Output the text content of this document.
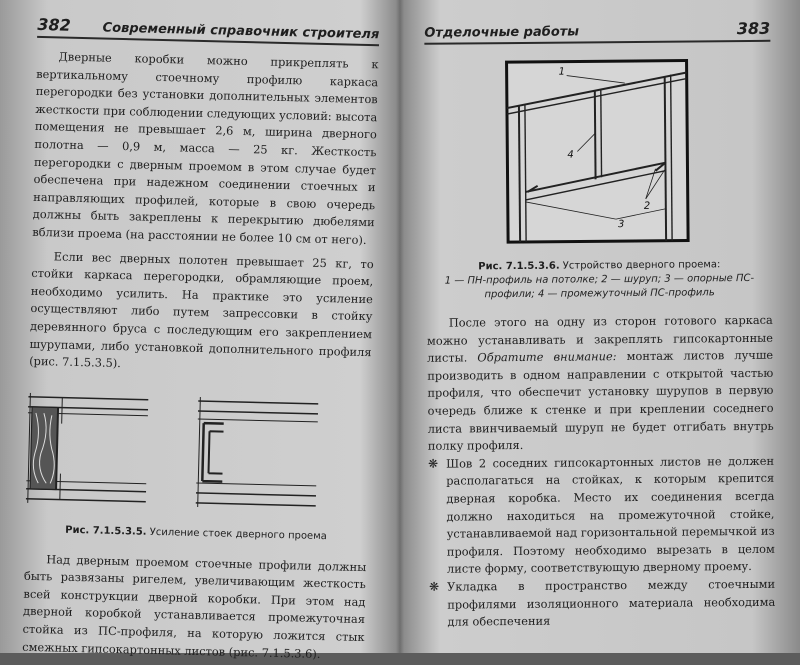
382 Современный справочник строителя

Дверные коробки можно прикреплять к вертикальному стоечному профилю каркаса перегородки без установки дополнительных элементов жесткости при соблюдении следующих условий: высота помещения не превышает 2,6 м, ширина дверного полотна — 0,9 м, масса — 25 кг. Жесткость перегородки с дверным проемом в этом случае будет обеспечена при надежном соединении стоечных и направляющих профилей, которые в свою очередь должны быть закреплены к перекрытию дюбелями вблизи проема (на расстоянии не более 10 см от него).

Если вес дверных полотен превышает 25 кг, то стойки каркаса перегородки, обрамляющие проем, необходимо усилить. На практике это усиление осуществляют либо путем запрессовки в стойку деревянного бруса с последующим его закреплением шурупами, либо установкой дополнительного профиля (рис. 7.1.5.3.5).

Рис. 7.1.5.3.5. Усиление стоек дверного проема

Над дверным проемом стоечные профили должны быть развязаны ригелем, увеличивающим жесткость всей конструкции дверной коробки. При этом над дверной коробкой устанавливается промежуточная стойка из ПС-профиля, на которую ложится стык смежных гипсокартонных листов (рис. 7.1.5.3.6).

Отделочные работы	383
1
2
3
4
Рис. 7.1.5.3.6. Устройство дверного проема:
1 — ПН-профиль на потолке; 2 — шуруп; 3 — опорные ПС-профили; 4 — промежуточный ПС-профиль

После этого на одну из сторон готового каркаса можно устанавливать и закреплять гипсокартонные листы. Обратите внимание: монтаж листов лучше производить в одном направлении с открытой частью профиля, что обеспечит установку шурупов в первую очередь ближе к стенке и при креплении соседнего листа ввинчиваемый шуруп не будет отгибать внутрь полку профиля.

❋ Шов 2 соседних гипсокартонных листов не должен располагаться на стойках, к которым крепится дверная коробка. Место их соединения всегда должно находиться на промежуточной стойке, устанавливаемой над горизонтальной перемычкой из профиля. Поэтому необходимо вырезать в целом листе форму, соответствующую дверному проему.

❋ Укладка в пространство между стоечными профилями изоляционного материала необходима для обеспечения
